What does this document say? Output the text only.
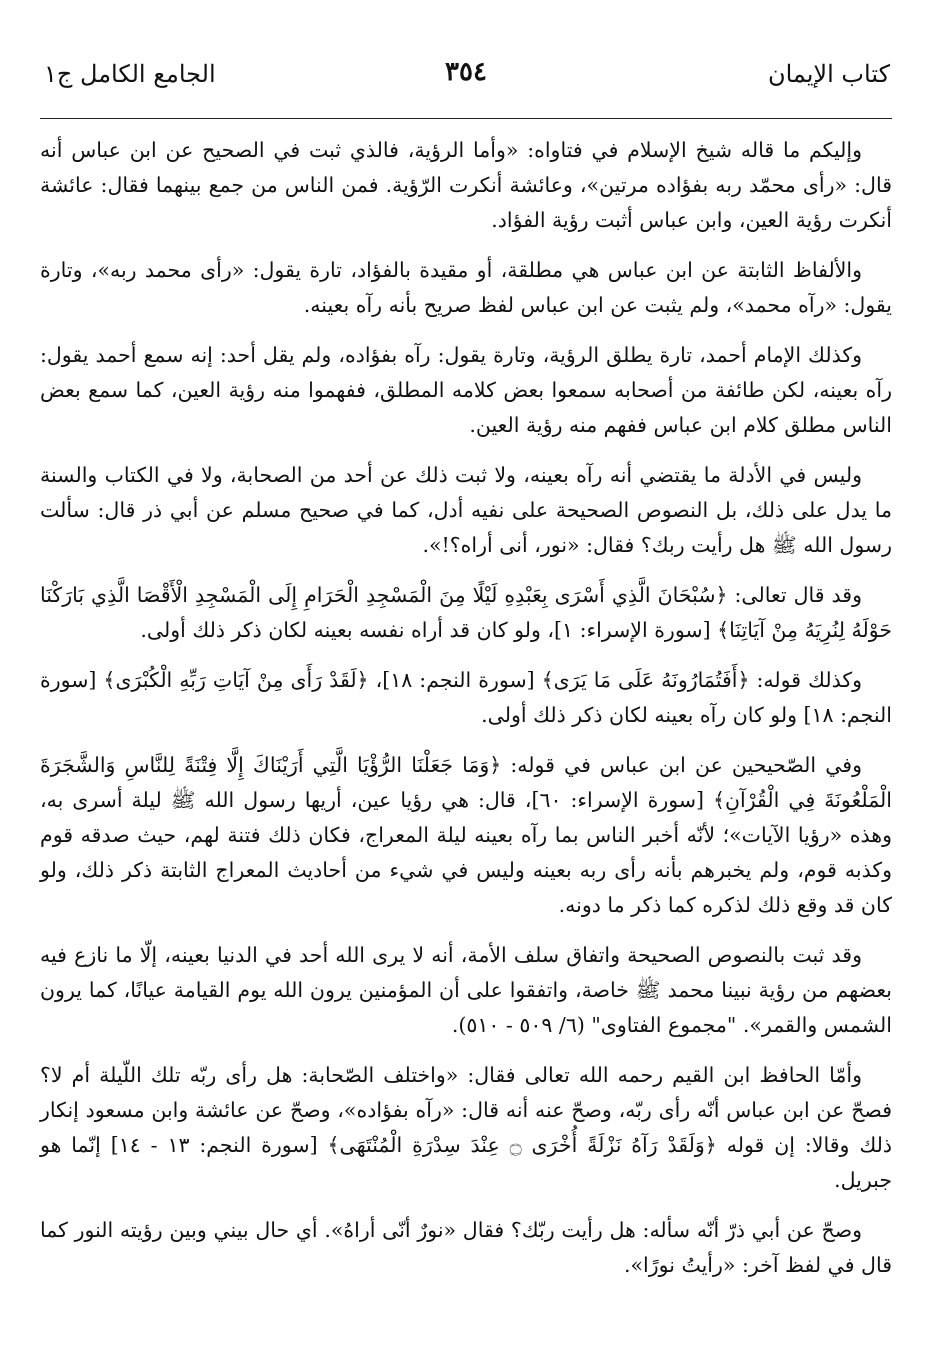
كتاب الإيمان
٣٥٤
الجامع الكامل ج١

وإليكم ما قاله شيخ الإسلام في فتاواه: «وأما الرؤية، فالذي ثبت في الصحيح عن ابن عباس أنه قال: «رأى محمّد ربه بفؤاده مرتين»، وعائشة أنكرت الرّؤية. فمن الناس من جمع بينهما فقال: عائشة أنكرت رؤية العين، وابن عباس أثبت رؤية الفؤاد.

والألفاظ الثابتة عن ابن عباس هي مطلقة، أو مقيدة بالفؤاد، تارة يقول: «رأى محمد ربه»، وتارة يقول: «رآه محمد»، ولم يثبت عن ابن عباس لفظ صريح بأنه رآه بعينه.

وكذلك الإمام أحمد، تارة يطلق الرؤية، وتارة يقول: رآه بفؤاده، ولم يقل أحد: إنه سمع أحمد يقول: رآه بعينه، لكن طائفة من أصحابه سمعوا بعض كلامه المطلق، ففهموا منه رؤية العين، كما سمع بعض الناس مطلق كلام ابن عباس ففهم منه رؤية العين.

وليس في الأدلة ما يقتضي أنه رآه بعينه، ولا ثبت ذلك عن أحد من الصحابة، ولا في الكتاب والسنة ما يدل على ذلك، بل النصوص الصحيحة على نفيه أدل، كما في صحيح مسلم عن أبي ذر قال: سألت رسول الله ﷺ هل رأيت ربك؟ فقال: «نور، أنى أراه؟!».

وقد قال تعالى: ﴿سُبْحَانَ الَّذِي أَسْرَى بِعَبْدِهِ لَيْلًا مِنَ الْمَسْجِدِ الْحَرَامِ إِلَى الْمَسْجِدِ الْأَقْصَا الَّذِي بَارَكْنَا حَوْلَهُ لِنُرِيَهُ مِنْ آيَاتِنَا﴾ [سورة الإسراء: ١]، ولو كان قد أراه نفسه بعينه لكان ذكر ذلك أولى.

وكذلك قوله: ﴿أَفَتُمَارُونَهُ عَلَى مَا يَرَى﴾ [سورة النجم: ١٨]، ﴿لَقَدْ رَأَى مِنْ آيَاتِ رَبِّهِ الْكُبْرَى﴾ [سورة النجم: ١٨] ولو كان رآه بعينه لكان ذكر ذلك أولى.

وفي الصّحيحين عن ابن عباس في قوله: ﴿وَمَا جَعَلْنَا الرُّؤْيَا الَّتِي أَرَيْنَاكَ إِلَّا فِتْنَةً لِلنَّاسِ وَالشَّجَرَةَ الْمَلْعُونَةَ فِي الْقُرْآنِ﴾ [سورة الإسراء: ٦٠]، قال: هي رؤيا عين، أريها رسول الله ﷺ ليلة أسرى به، وهذه «رؤيا الآيات»؛ لأنّه أخبر الناس بما رآه بعينه ليلة المعراج، فكان ذلك فتنة لهم، حيث صدقه قوم وكذبه قوم، ولم يخبرهم بأنه رأى ربه بعينه وليس في شيء من أحاديث المعراج الثابتة ذكر ذلك، ولو كان قد وقع ذلك لذكره كما ذكر ما دونه.

وقد ثبت بالنصوص الصحيحة واتفاق سلف الأمة، أنه لا يرى الله أحد في الدنيا بعينه، إلّا ما نازع فيه بعضهم من رؤية نبينا محمد ﷺ خاصة، واتفقوا على أن المؤمنين يرون الله يوم القيامة عيانًا، كما يرون الشمس والقمر». "مجموع الفتاوى" (٦/ ٥٠٩ - ٥١٠).

وأمّا الحافظ ابن القيم رحمه الله تعالى فقال: «واختلف الصّحابة: هل رأى ربّه تلك اللّيلة أم لا؟ فصحّ عن ابن عباس أنّه رأى ربّه، وصحّ عنه أنه قال: «رآه بفؤاده»، وصحّ عن عائشة وابن مسعود إنكار ذلك وقالا: إن قوله ﴿وَلَقَدْ رَآهُ نَزْلَةً أُخْرَى ۝ عِنْدَ سِدْرَةِ الْمُنْتَهَى﴾ [سورة النجم: ١٣ - ١٤] إنّما هو جبريل.

وصحّ عن أبي ذرّ أنّه سأله: هل رأيت ربّك؟ فقال «نورٌ أنّى أراهُ». أي حال بيني وبين رؤيته النور كما قال في لفظ آخر: «رأيتُ نورًا».
